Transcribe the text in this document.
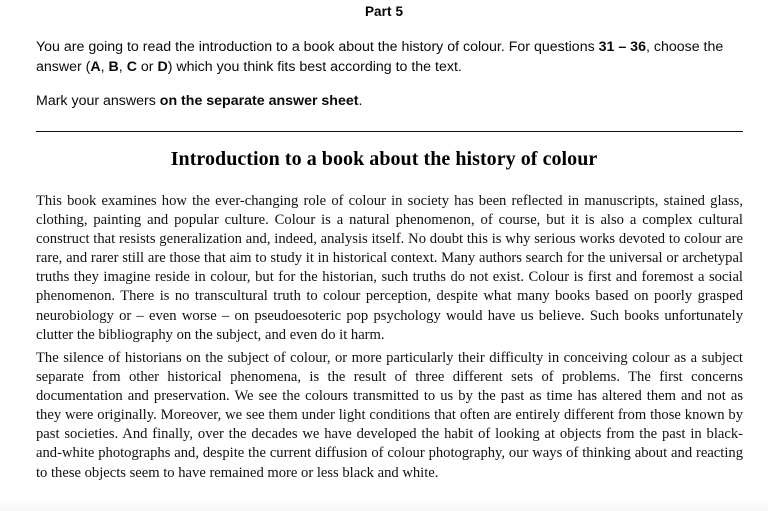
Part 5

You are going to read the introduction to a book about the history of colour. For questions 31 – 36, choose the answer (A, B, C or D) which you think fits best according to the text.

Mark your answers on the separate answer sheet.
Introduction to a book about the history of colour
This book examines how the ever-changing role of colour in society has been reflected in manuscripts, stained glass, clothing, painting and popular culture. Colour is a natural phenomenon, of course, but it is also a complex cultural construct that resists generalization and, indeed, analysis itself. No doubt this is why serious works devoted to colour are rare, and rarer still are those that aim to study it in historical context. Many authors search for the universal or archetypal truths they imagine reside in colour, but for the historian, such truths do not exist. Colour is first and foremost a social phenomenon. There is no transcultural truth to colour perception, despite what many books based on poorly grasped neurobiology or – even worse – on pseudoesoteric pop psychology would have us believe. Such books unfortunately clutter the bibliography on the subject, and even do it harm.
The silence of historians on the subject of colour, or more particularly their difficulty in conceiving colour as a subject separate from other historical phenomena, is the result of three different sets of problems. The first concerns documentation and preservation. We see the colours transmitted to us by the past as time has altered them and not as they were originally. Moreover, we see them under light conditions that often are entirely different from those known by past societies. And finally, over the decades we have developed the habit of looking at objects from the past in black-and-white photographs and, despite the current diffusion of colour photography, our ways of thinking about and reacting to these objects seem to have remained more or less black and white.
